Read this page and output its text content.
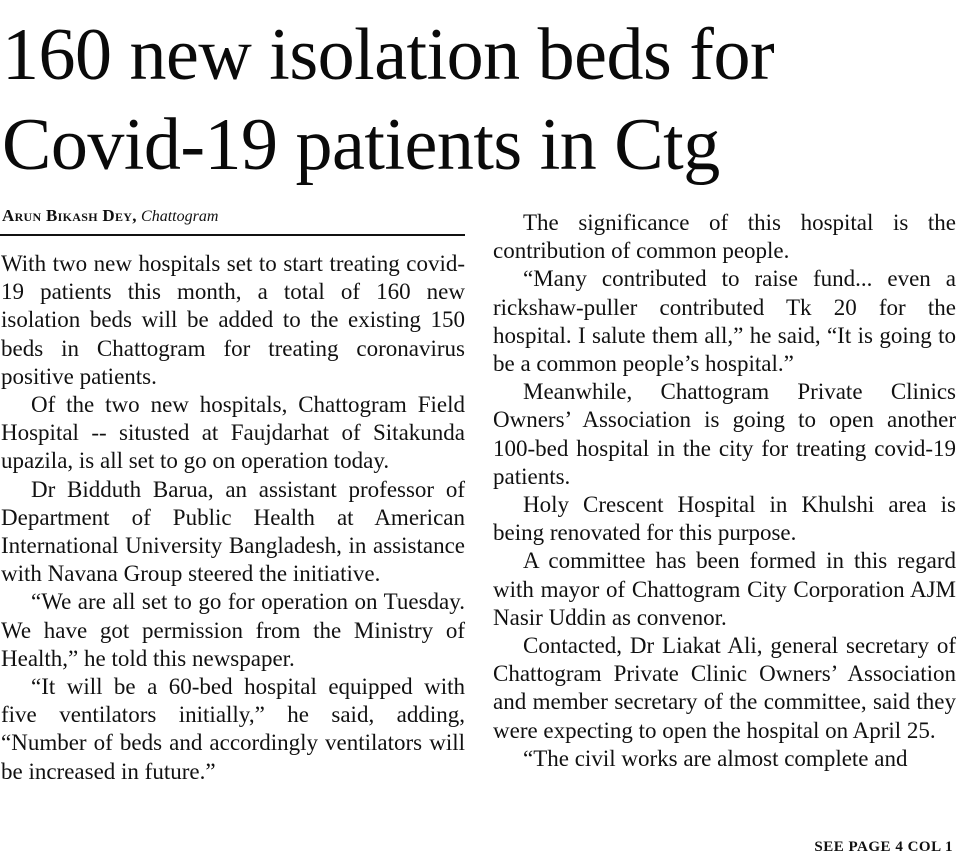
160 new isolation beds for
Covid-19 patients in Ctg
Arun Bikash Dey, Chattogram

With two new hospitals set to start treating covid-19 patients this month, a total of 160 new isolation beds will be added to the existing 150 beds in Chattogram for treating coronavirus positive patients.

Of the two new hospitals, Chattogram Field Hospital -- situsted at Faujdarhat of Sitakunda upazila, is all set to go on operation today.

Dr Bidduth Barua, an assistant professor of Department of Public Health at American International University Bangladesh, in assistance with Navana Group steered the initiative.

“We are all set to go for operation on Tuesday. We have got permission from the Ministry of Health,” he told this newspaper.

“It will be a 60-bed hospital equipped with five ventilators initially,” he said, adding, “Number of beds and accordingly ventilators will be increased in future.”

The significance of this hospital is the contribution of common people.

“Many contributed to raise fund... even a rickshaw-puller contributed Tk 20 for the hospital. I salute them all,” he said, “It is going to be a common people’s hospital.”

Meanwhile, Chattogram Private Clinics Owners’ Association is going to open another 100-bed hospital in the city for treating covid-19 patients.

Holy Crescent Hospital in Khulshi area is being renovated for this purpose.

A committee has been formed in this regard with mayor of Chattogram City Corporation AJM Nasir Uddin as convenor.

Contacted, Dr Liakat Ali, general secretary of Chattogram Private Clinic Owners’ Association and member secretary of the committee, said they were expecting to open the hospital on April 25.

“The civil works are almost complete and

SEE PAGE 4 COL 1
